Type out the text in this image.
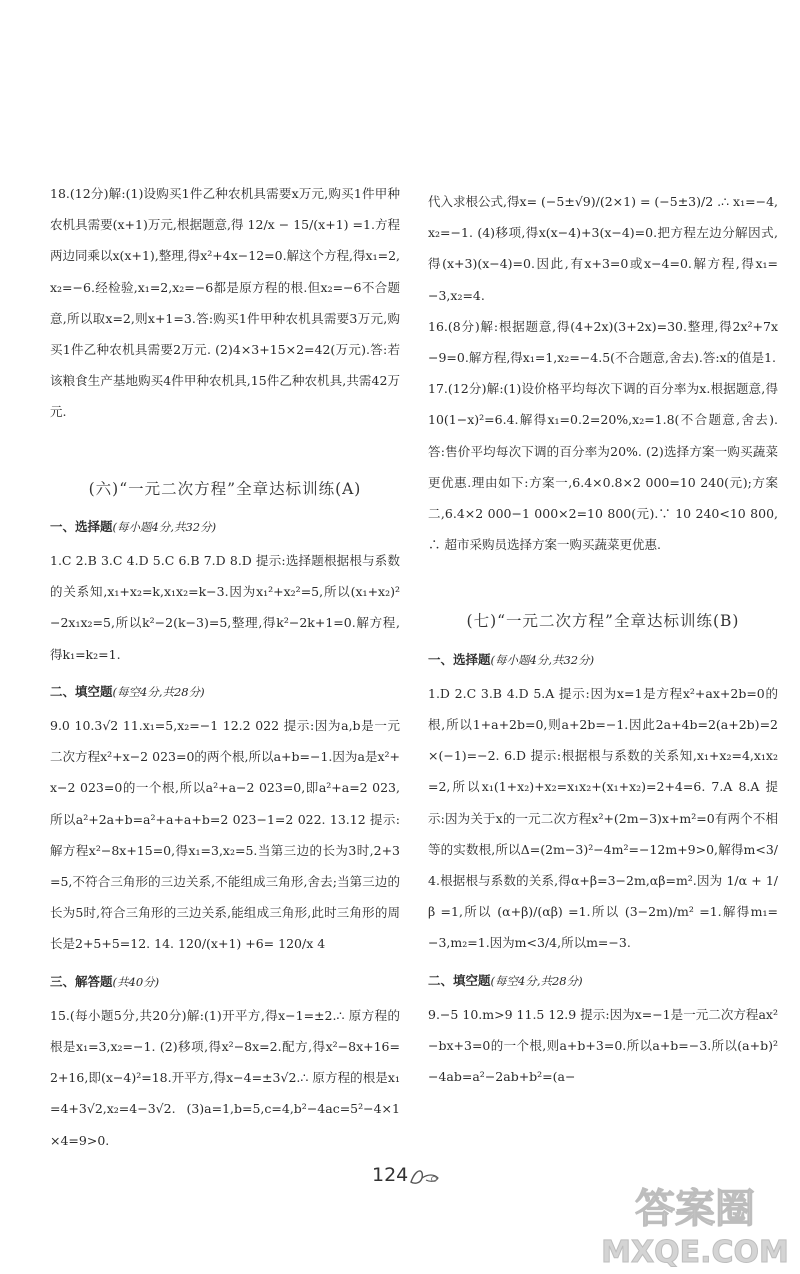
18.(12分)解:(1)设购买1件乙种农机具需要x万元,购买1件甲种农机具需要(x+1)万元,根据题意,得 12/x − 15/(x+1) =1.方程两边同乘以x(x+1),整理,得x²+4x−12=0.解这个方程,得x₁=2,x₂=−6.经检验,x₁=2,x₂=−6都是原方程的根.但x₂=−6不合题意,所以取x=2,则x+1=3.答:购买1件甲种农机具需要3万元,购买1件乙种农机具需要2万元. (2)4×3+15×2=42(万元).答:若该粮食生产基地购买4件甲种农机具,15件乙种农机具,共需42万元.

(六)“一元二次方程”全章达标训练(A)
一、选择题(每小题4分,共32分)

1.C 2.B 3.C 4.D 5.C 6.B 7.D 8.D 提示:选择题根据根与系数的关系知,x₁+x₂=k,x₁x₂=k−3.因为x₁²+x₂²=5,所以(x₁+x₂)²−2x₁x₂=5,所以k²−2(k−3)=5,整理,得k²−2k+1=0.解方程,得k₁=k₂=1.

二、填空题(每空4分,共28分)

9.0 10.3√2 11.x₁=5,x₂=−1 12.2 022 提示:因为a,b是一元二次方程x²+x−2 023=0的两个根,所以a+b=−1.因为a是x²+x−2 023=0的一个根,所以a²+a−2 023=0,即a²+a=2 023,所以a²+2a+b=a²+a+a+b=2 023−1=2 022. 13.12 提示:解方程x²−8x+15=0,得x₁=3,x₂=5.当第三边的长为3时,2+3=5,不符合三角形的三边关系,不能组成三角形,舍去;当第三边的长为5时,符合三角形的三边关系,能组成三角形,此时三角形的周长是2+5+5=12. 14. 120/(x+1) +6= 120/x 4

三、解答题(共40分)

15.(每小题5分,共20分)解:(1)开平方,得x−1=±2.∴ 原方程的根是x₁=3,x₂=−1. (2)移项,得x²−8x=2.配方,得x²−8x+16=2+16,即(x−4)²=18.开平方,得x−4=±3√2.∴ 原方程的根是x₁=4+3√2,x₂=4−3√2. (3)a=1,b=5,c=4,b²−4ac=5²−4×1×4=9>0.

代入求根公式,得x= (−5±√9)/(2×1) = (−5±3)/2 .∴ x₁=−4,x₂=−1. (4)移项,得x(x−4)+3(x−4)=0.把方程左边分解因式,得(x+3)(x−4)=0.因此,有x+3=0或x−4=0.解方程,得x₁=−3,x₂=4.

16.(8分)解:根据题意,得(4+2x)(3+2x)=30.整理,得2x²+7x−9=0.解方程,得x₁=1,x₂=−4.5(不合题意,舍去).答:x的值是1.

17.(12分)解:(1)设价格平均每次下调的百分率为x.根据题意,得10(1−x)²=6.4.解得x₁=0.2=20%,x₂=1.8(不合题意,舍去).答:售价平均每次下调的百分率为20%. (2)选择方案一购买蔬菜更优惠.理由如下:方案一,6.4×0.8×2 000=10 240(元);方案二,6.4×2 000−1 000×2=10 800(元).∵ 10 240<10 800,∴ 超市采购员选择方案一购买蔬菜更优惠.

(七)“一元二次方程”全章达标训练(B)
一、选择题(每小题4分,共32分)

1.D 2.C 3.B 4.D 5.A 提示:因为x=1是方程x²+ax+2b=0的根,所以1+a+2b=0,则a+2b=−1.因此2a+4b=2(a+2b)=2×(−1)=−2. 6.D 提示:根据根与系数的关系知,x₁+x₂=4,x₁x₂=2,所以x₁(1+x₂)+x₂=x₁x₂+(x₁+x₂)=2+4=6. 7.A 8.A 提示:因为关于x的一元二次方程x²+(2m−3)x+m²=0有两个不相等的实数根,所以Δ=(2m−3)²−4m²=−12m+9>0,解得m<3/4.根据根与系数的关系,得α+β=3−2m,αβ=m².因为 1/α + 1/β =1,所以 (α+β)/(αβ) =1.所以 (3−2m)/m² =1.解得m₁=−3,m₂=1.因为m<3/4,所以m=−3.

二、填空题(每空4分,共28分)

9.−5 10.m>9 11.5 12.9 提示:因为x=−1是一元二次方程ax²−bx+3=0的一个根,则a+b+3=0.所以a+b=−3.所以(a+b)²−4ab=a²−2ab+b²=(a−

124
答案圈
MXQE.COM
